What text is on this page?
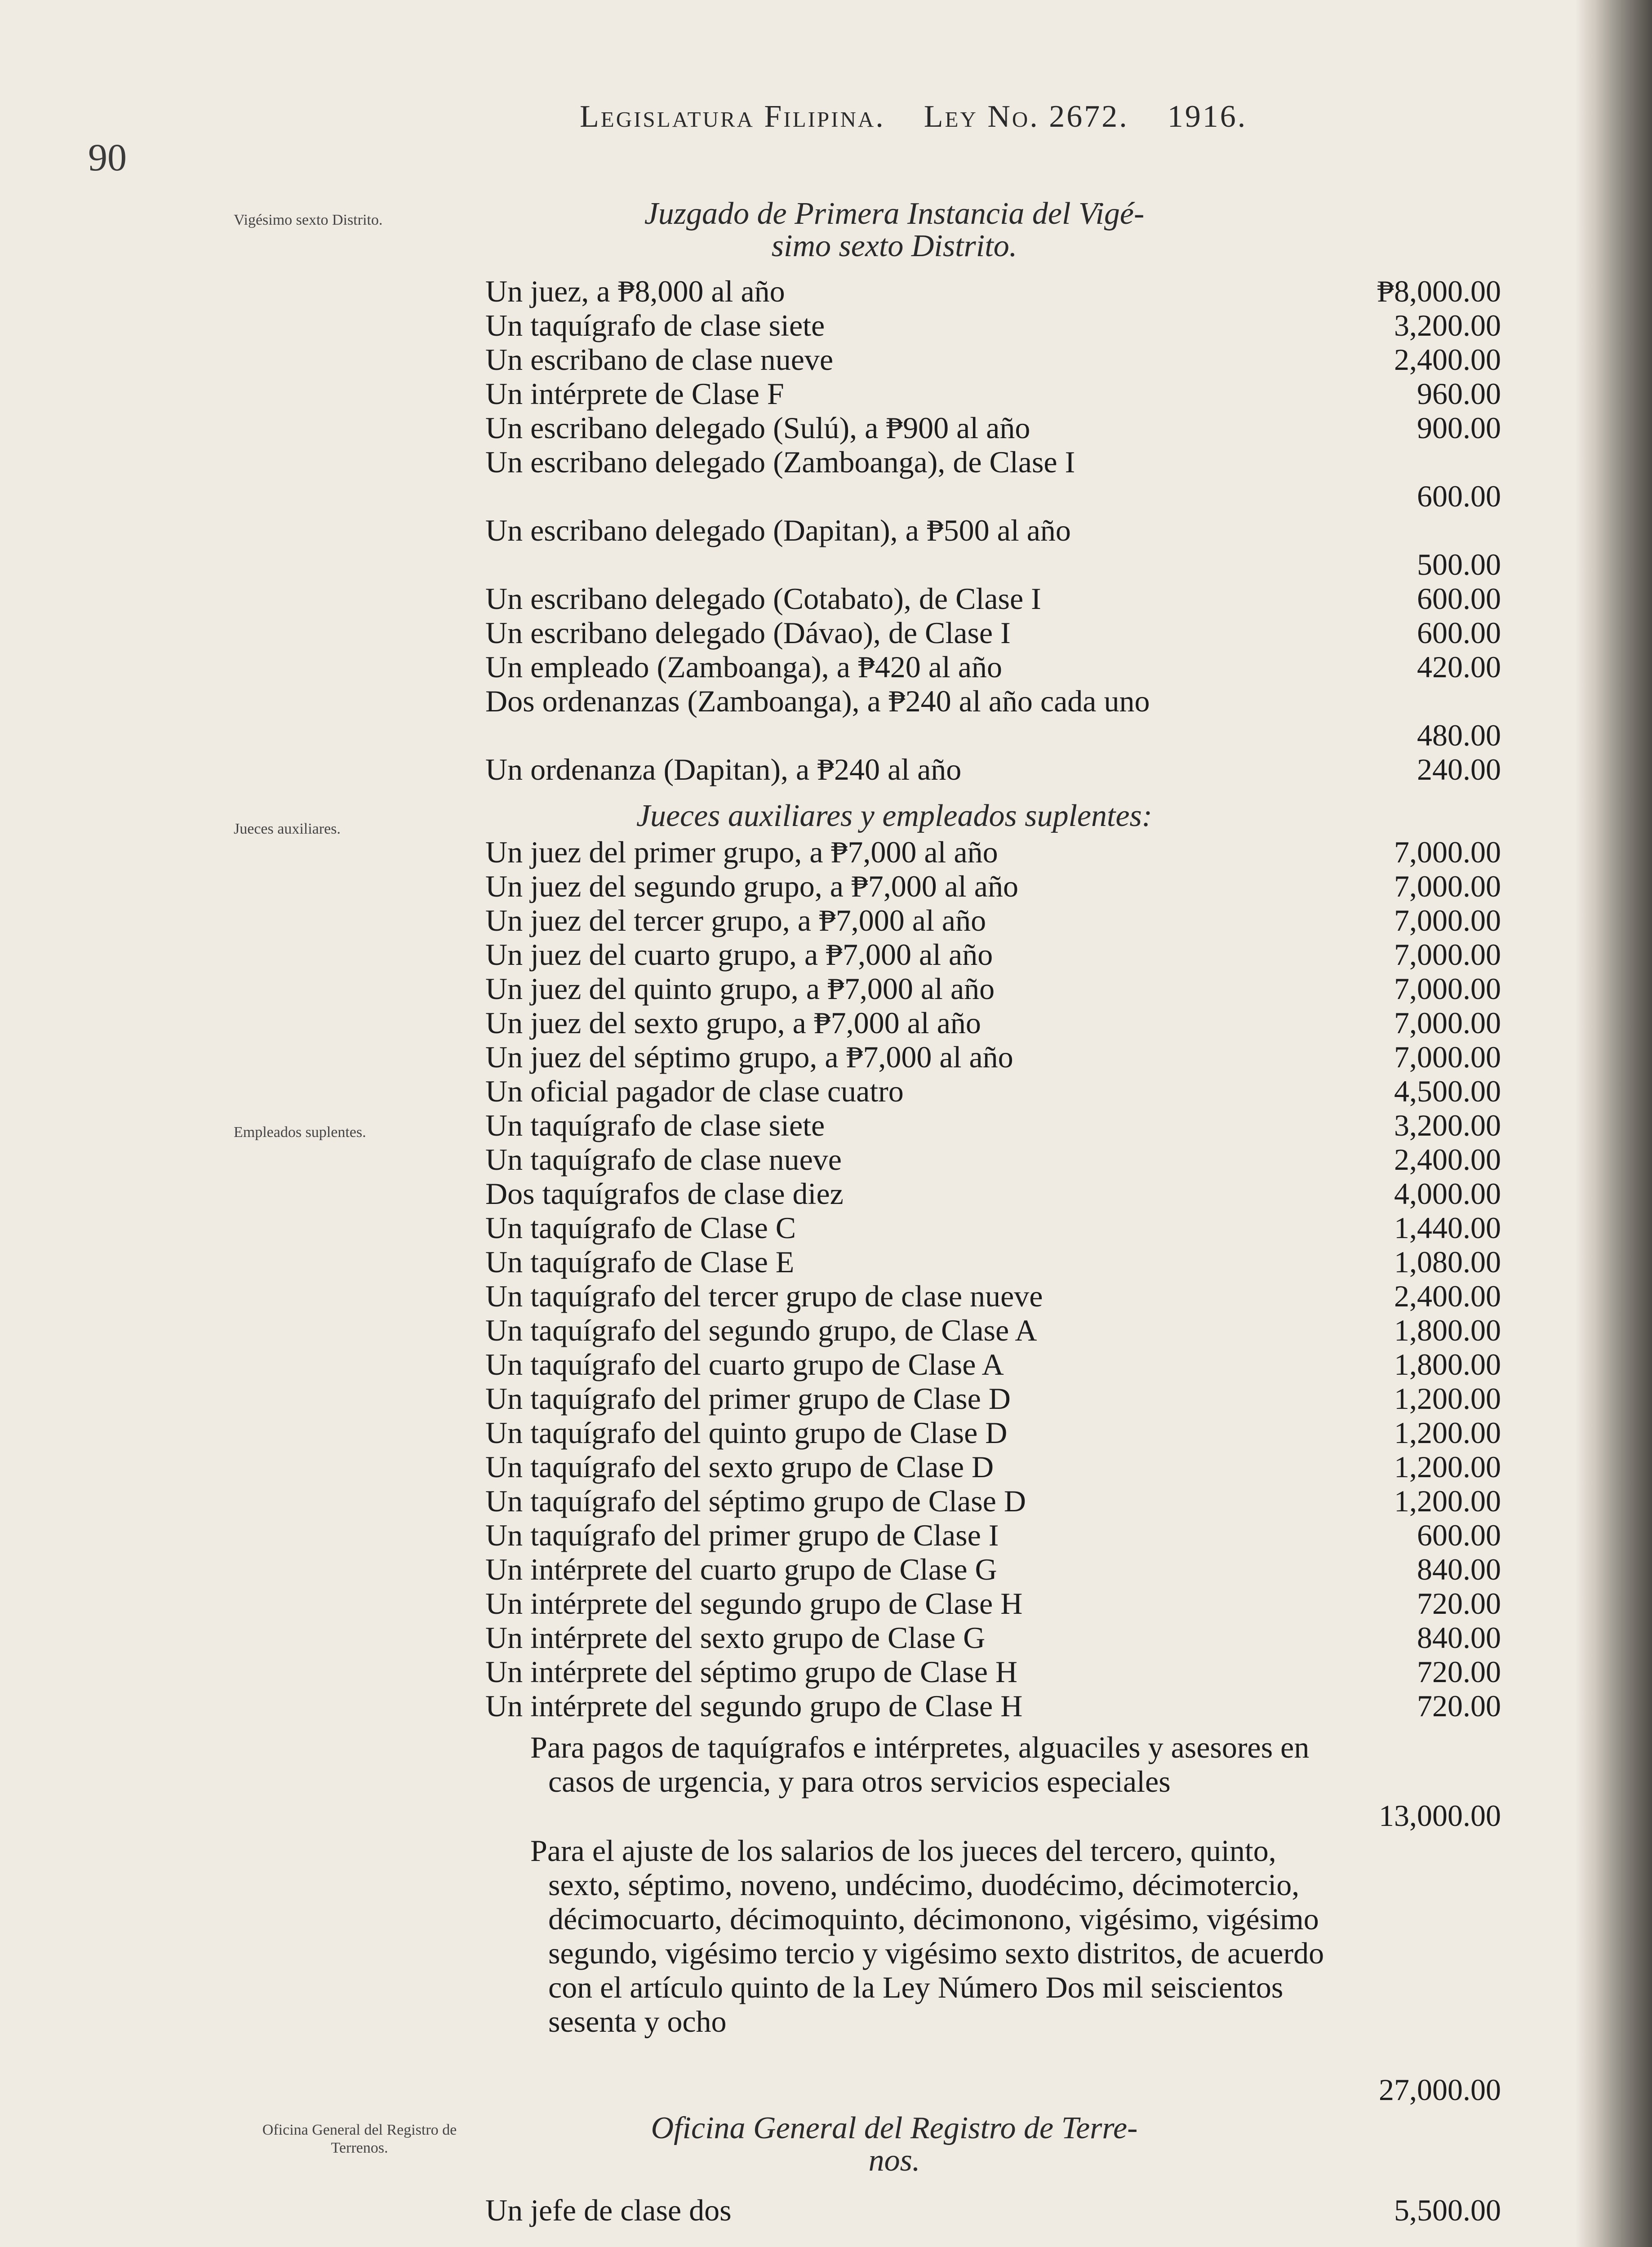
90
Legislatura Filipina. Ley No. 2672. 1916.
Vigésimo sexto Distrito.
Jueces auxiliares.
Empleados suplentes.
Oficina General del Registro de Terrenos.
Juzgado de Primera Instancia del Vigé-
simo sexto Distrito.
Jueces auxiliares y empleados suplentes:
Oficina General del Registro de Terre-
nos.
Un juez, a ₱8,000 al año	₱8,000.00
Un taquígrafo de clase siete	3,200.00
Un escribano de clase nueve	2,400.00
Un intérprete de Clase F	960.00
Un escribano delegado (Sulú), a ₱900 al año	900.00
Un escribano delegado (Zamboanga), de Clase I
600.00
Un escribano delegado (Dapitan), a ₱500 al año
500.00
Un escribano delegado (Cotabato), de Clase I	600.00
Un escribano delegado (Dávao), de Clase I	600.00
Un empleado (Zamboanga), a ₱420 al año	420.00
Dos ordenanzas (Zamboanga), a ₱240 al año cada uno
480.00
Un ordenanza (Dapitan), a ₱240 al año	240.00
Un juez del primer grupo, a ₱7,000 al año	7,000.00
Un juez del segundo grupo, a ₱7,000 al año	7,000.00
Un juez del tercer grupo, a ₱7,000 al año	7,000.00
Un juez del cuarto grupo, a ₱7,000 al año	7,000.00
Un juez del quinto grupo, a ₱7,000 al año	7,000.00
Un juez del sexto grupo, a ₱7,000 al año	7,000.00
Un juez del séptimo grupo, a ₱7,000 al año	7,000.00
Un oficial pagador de clase cuatro	4,500.00
Un taquígrafo de clase siete	3,200.00
Un taquígrafo de clase nueve	2,400.00
Dos taquígrafos de clase diez	4,000.00
Un taquígrafo de Clase C	1,440.00
Un taquígrafo de Clase E	1,080.00
Un taquígrafo del tercer grupo de clase nueve	2,400.00
Un taquígrafo del segundo grupo, de Clase A	1,800.00
Un taquígrafo del cuarto grupo de Clase A	1,800.00
Un taquígrafo del primer grupo de Clase D	1,200.00
Un taquígrafo del quinto grupo de Clase D	1,200.00
Un taquígrafo del sexto grupo de Clase D	1,200.00
Un taquígrafo del séptimo grupo de Clase D	1,200.00
Un taquígrafo del primer grupo de Clase I	600.00
Un intérprete del cuarto grupo de Clase G	840.00
Un intérprete del segundo grupo de Clase H	720.00
Un intérprete del sexto grupo de Clase G	840.00
Un intérprete del séptimo grupo de Clase H	720.00
Un intérprete del segundo grupo de Clase H	720.00
Para pagos de taquígrafos e intérpretes, alguaciles y asesores en casos de urgencia, y para otros servicios especiales
13,000.00
Para el ajuste de los salarios de los jueces del tercero, quinto, sexto, séptimo, noveno, undécimo, duodécimo, décimotercio, décimocuarto, décimoquinto, décimonono, vigésimo, vigésimo segundo, vigésimo tercio y vigésimo sexto distritos, de acuerdo con el artículo quinto de la Ley Número Dos mil seiscientos sesenta y ocho
27,000.00
Un jefe de clase dos	5,500.00
